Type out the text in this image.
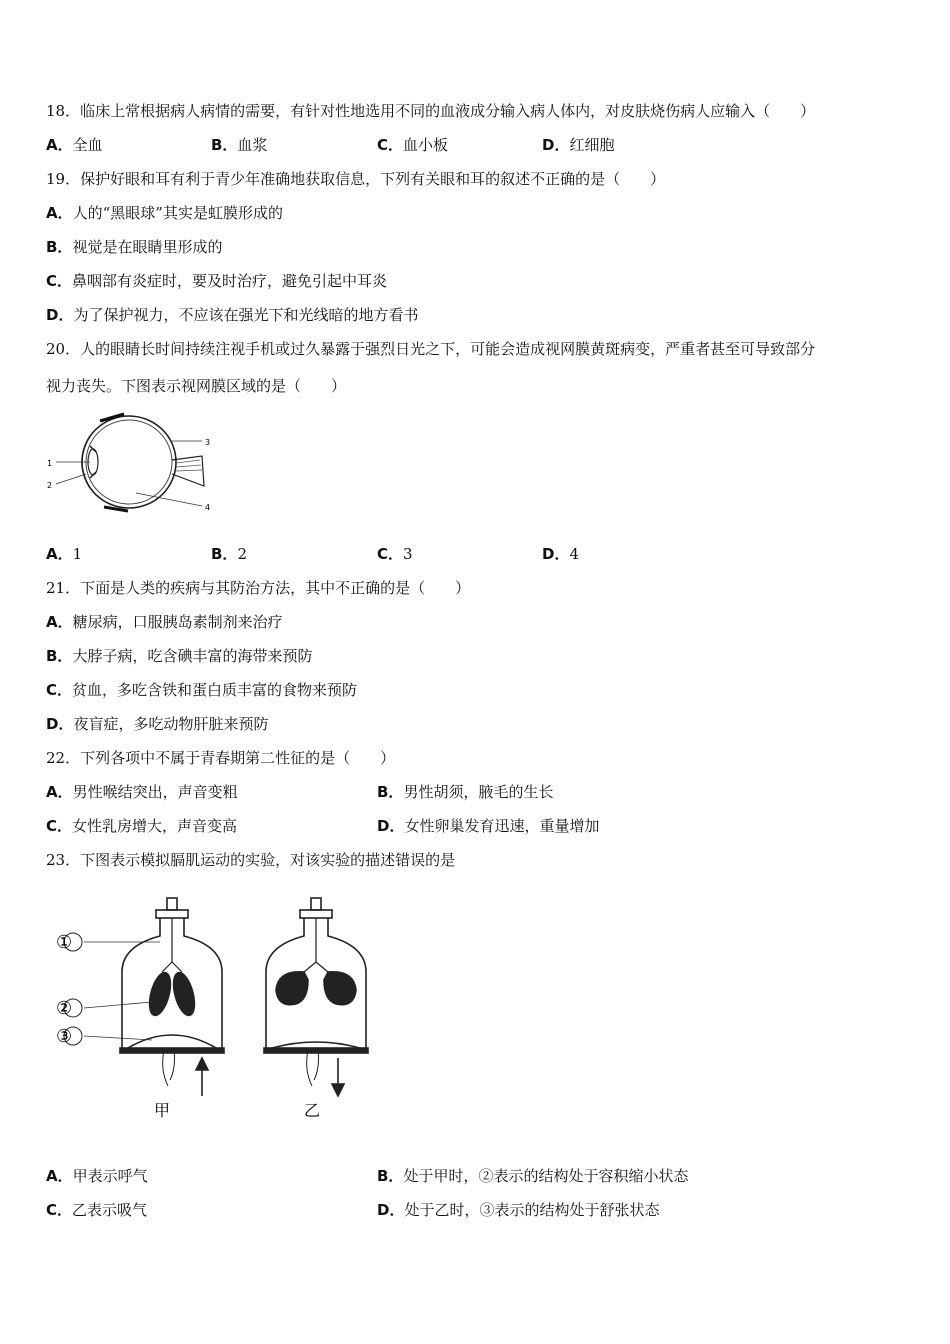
18．临床上常根据病人病情的需要，有针对性地选用不同的血液成分输入病人体内，对皮肤烧伤病人应输入（　　）
A．全血	B．血浆	C．血小板	D．红细胞
19．保护好眼和耳有利于青少年准确地获取信息，下列有关眼和耳的叙述不正确的是（　　）
A．人的“黑眼球”其实是虹膜形成的
B．视觉是在眼睛里形成的
C．鼻咽部有炎症时，要及时治疗，避免引起中耳炎
D．为了保护视力，不应该在强光下和光线暗的地方看书
20．人的眼睛长时间持续注视手机或过久暴露于强烈日光之下，可能会造成视网膜黄斑病变，严重者甚至可导致部分
视力丧失。下图表示视网膜区域的是（　　）
1
2
3
4
A．1	B．2	C．3	D．4
21．下面是人类的疾病与其防治方法，其中不正确的是（　　）
A．糖尿病，口服胰岛素制剂来治疗
B．大脖子病，吃含碘丰富的海带来预防
C．贫血，多吃含铁和蛋白质丰富的食物来预防
D．夜盲症，多吃动物肝脏来预防
22．下列各项中不属于青春期第二性征的是（　　）
A．男性喉结突出，声音变粗	B．男性胡须，腋毛的生长
C．女性乳房增大，声音变高	D．女性卵巢发育迅速，重量增加
23．下图表示模拟膈肌运动的实验，对该实验的描述错误的是
①
②
③
甲	乙
A．甲表示呼气	B．处于甲时，②表示的结构处于容积缩小状态
C．乙表示吸气	D．处于乙时，③表示的结构处于舒张状态
